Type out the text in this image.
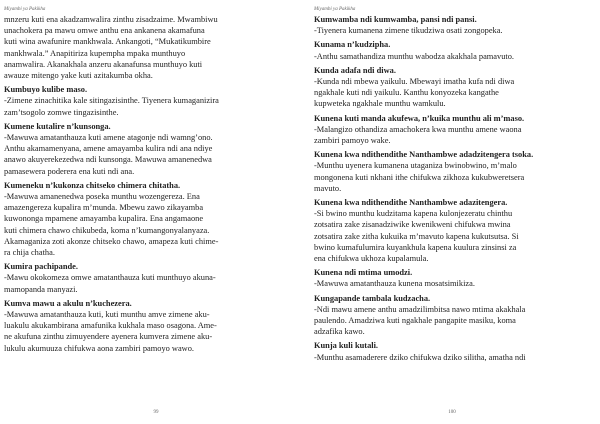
Miyambi ya Pakikha

mnzeru kuti ena akadzamwalira zinthu zisadzaime. Mwambiwu

unachokera pa mawu omwe anthu ena ankanena akamafuna

kuti wina awafunire mankhwala. Ankangoti, “Mukatikumbire

mankhwala.” Anapitiriza kupempha mpaka munthuyo

anamwalira. Akanakhala anzeru akanafunsa munthuyo kuti

awauze mitengo yake kuti azitakumba okha.

Kumbuyo kulibe maso.

-Zimene zinachitika kale sitingazisinthe. Tiyenera kumaganizira

zam’tsogolo zomwe tingazisinthe.

Kumene kutalire n’kunsonga.

-Mawuwa amatanthauza kuti amene atagonje ndi wamng’ono.

Anthu akamamenyana, amene amayamba kulira ndi ana ndiye

anawo akuyerekezedwa ndi kunsonga. Mawuwa amanenedwa

pamasewera poderera ena kuti ndi ana.

Kumeneku n’kukonza chitseko chimera chitatha.

-Mawuwa amanenedwa poseka munthu wozengereza. Ena

amazengereza kupalira m’munda. Mbewu zawo zikayamba

kuwononga mpamene amayamba kupalira. Ena angamaone

kuti chimera chawo chikubeda, koma n’kumangonyalanyaza.

Akamaganiza zoti akonze chitseko chawo, amapeza kuti chime-

ra chija chatha.

Kumira pachipande.

-Mawu okokomeza omwe amatanthauza kuti munthuyo akuna-

mamopanda manyazi.

Kumva mawu a akulu n’kuchezera.

-Mawuwa amatanthauza kuti, kuti munthu amve zimene aku-

luakulu akukambirana amafunika kukhala maso osagona. Ame-

ne akufuna zinthu zimuyendere ayenera kumvera zimene aku-

lukulu akumuuza chifukwa aona zambiri pamoyo wawo.

99
Miyambi ya Pakikha

Kumwamba ndi kumwamba, pansi ndi pansi.

-Tiyenera kumanena zimene tikudziwa osati zongopeka.

Kunama n’kudzipha.

-Anthu samathandiza munthu wabodza akakhala pamavuto.

Kunda adafa ndi diwa.

-Kunda ndi mbewa yaikulu. Mbewayi imatha kufa ndi diwa

ngakhale kuti ndi yaikulu. Kanthu konyozeka kangathe

kupweteka ngakhale munthu wamkulu.

Kunena kuti manda akufewa, n’kuika munthu ali m’maso.

-Malangizo othandiza amachokera kwa munthu amene waona

zambiri pamoyo wake.

Kunena kwa ndithendithe Nanthambwe adadzitengera tsoka.

-Munthu uyenera kumanena utaganiza bwinobwino, m’malo

mongonena kuti nkhani ithe chifukwa zikhoza kukubweretsera

mavuto.

Kunena kwa ndithendithe Nanthambwe adazitengera.

-Si bwino munthu kudzitama kapena kulonjezeratu chinthu

zotsatira zake zisanadziwike kwenikweni chifukwa mwina

zotsatira zake zitha kukuika m’mavuto kapena kukutsutsa. Si

bwino kumafulumira kuyankhula kapena kuulura zinsinsi za

ena chifukwa ukhoza kupalamula.

Kunena ndi mtima umodzi.

-Mawuwa amatanthauza kunena mosatsimikiza.

Kungapande tambala kudzacha.

-Ndi mawu amene anthu amadzilimbitsa nawo mtima akakhala

paulendo. Amadziwa kuti ngakhale pangapite masiku, koma

adzafika kawo.

Kunja kuli kutali.

-Munthu asamaderere dziko chifukwa dziko silitha, amatha ndi

100
